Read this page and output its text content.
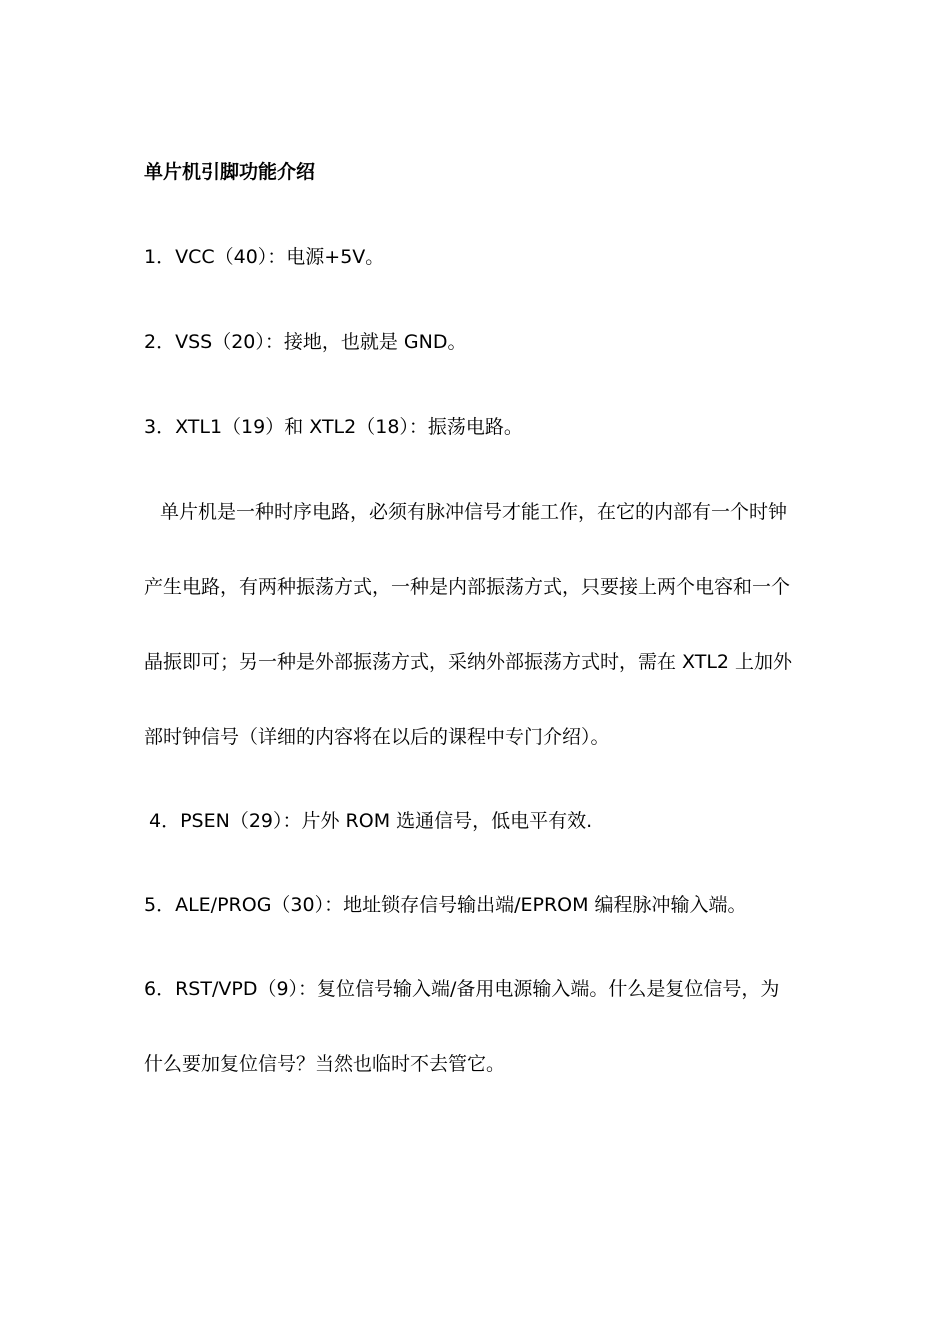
单片机引脚功能介绍
1．VCC（40）：电源+5V。
2．VSS（20）：接地，也就是 GND。
3．XTL1（19）和 XTL2（18）：振荡电路。
单片机是一种时序电路，必须有脉冲信号才能工作，在它的内部有一个时钟
产生电路，有两种振荡方式，一种是内部振荡方式，只要接上两个电容和一个
晶振即可；另一种是外部振荡方式，采纳外部振荡方式时，需在 XTL2 上加外
部时钟信号（详细的内容将在以后的课程中专门介绍）。
4．PSEN（29）：片外 ROM 选通信号，低电平有效.
5．ALE/PROG（30）：地址锁存信号输出端/EPROM 编程脉冲输入端。
6．RST/VPD（9）：复位信号输入端/备用电源输入端。什么是复位信号，为
什么要加复位信号？当然也临时不去管它。
